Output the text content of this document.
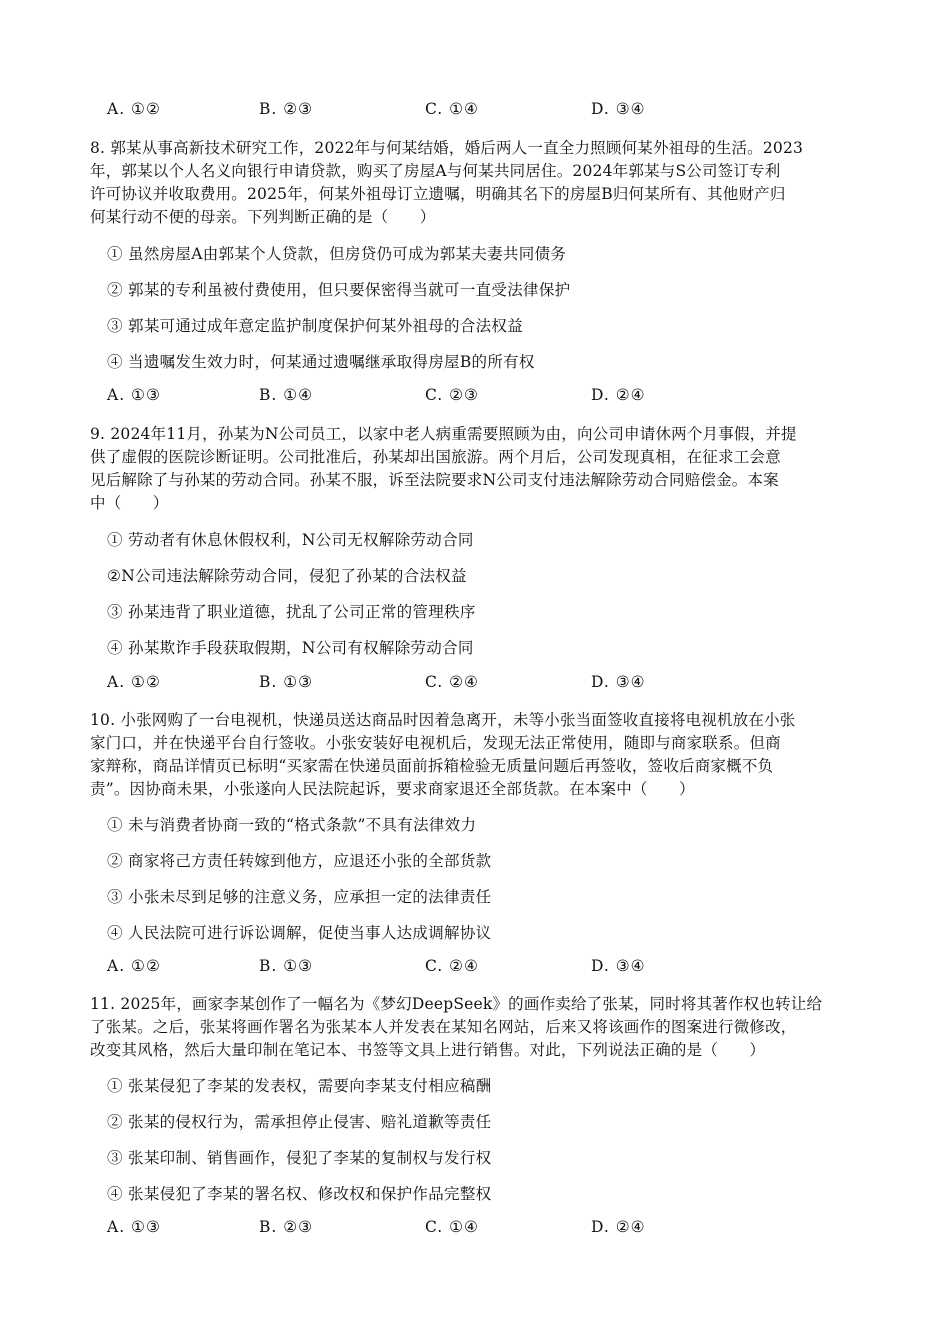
A. ①②	B. ②③	C. ①④	D. ③④
8. 郭某从事高新技术研究工作，2022年与何某结婚，婚后两人一直全力照顾何某外祖母的生活。2023
年，郭某以个人名义向银行申请贷款，购买了房屋A与何某共同居住。2024年郭某与S公司签订专利
许可协议并收取费用。2025年，何某外祖母订立遗嘱，明确其名下的房屋B归何某所有、其他财产归
何某行动不便的母亲。下列判断正确的是（　　）
① 虽然房屋A由郭某个人贷款，但房贷仍可成为郭某夫妻共同债务
② 郭某的专利虽被付费使用，但只要保密得当就可一直受法律保护
③ 郭某可通过成年意定监护制度保护何某外祖母的合法权益
④ 当遗嘱发生效力时，何某通过遗嘱继承取得房屋B的所有权
A. ①③	B. ①④	C. ②③	D. ②④
9. 2024年11月，孙某为N公司员工，以家中老人病重需要照顾为由，向公司申请休两个月事假，并提
供了虚假的医院诊断证明。公司批准后，孙某却出国旅游。两个月后，公司发现真相，在征求工会意
见后解除了与孙某的劳动合同。孙某不服，诉至法院要求N公司支付违法解除劳动合同赔偿金。本案
中（　　）
① 劳动者有休息休假权利，N公司无权解除劳动合同
②N公司违法解除劳动合同，侵犯了孙某的合法权益
③ 孙某违背了职业道德，扰乱了公司正常的管理秩序
④ 孙某欺诈手段获取假期，N公司有权解除劳动合同
A. ①②	B. ①③	C. ②④	D. ③④
10. 小张网购了一台电视机，快递员送达商品时因着急离开，未等小张当面签收直接将电视机放在小张
家门口，并在快递平台自行签收。小张安装好电视机后，发现无法正常使用，随即与商家联系。但商
家辩称，商品详情页已标明“买家需在快递员面前拆箱检验无质量问题后再签收，签收后商家概不负
责”。因协商未果，小张遂向人民法院起诉，要求商家退还全部货款。在本案中（　　）
① 未与消费者协商一致的“格式条款”不具有法律效力
② 商家将己方责任转嫁到他方，应退还小张的全部货款
③ 小张未尽到足够的注意义务，应承担一定的法律责任
④ 人民法院可进行诉讼调解，促使当事人达成调解协议
A. ①②	B. ①③	C. ②④	D. ③④
11. 2025年，画家李某创作了一幅名为《梦幻DeepSeek》的画作卖给了张某，同时将其著作权也转让给
了张某。之后，张某将画作署名为张某本人并发表在某知名网站，后来又将该画作的图案进行微修改，
改变其风格，然后大量印制在笔记本、书签等文具上进行销售。对此，下列说法正确的是（　　）
① 张某侵犯了李某的发表权，需要向李某支付相应稿酬
② 张某的侵权行为，需承担停止侵害、赔礼道歉等责任
③ 张某印制、销售画作，侵犯了李某的复制权与发行权
④ 张某侵犯了李某的署名权、修改权和保护作品完整权
A. ①③	B. ②③	C. ①④	D. ②④
